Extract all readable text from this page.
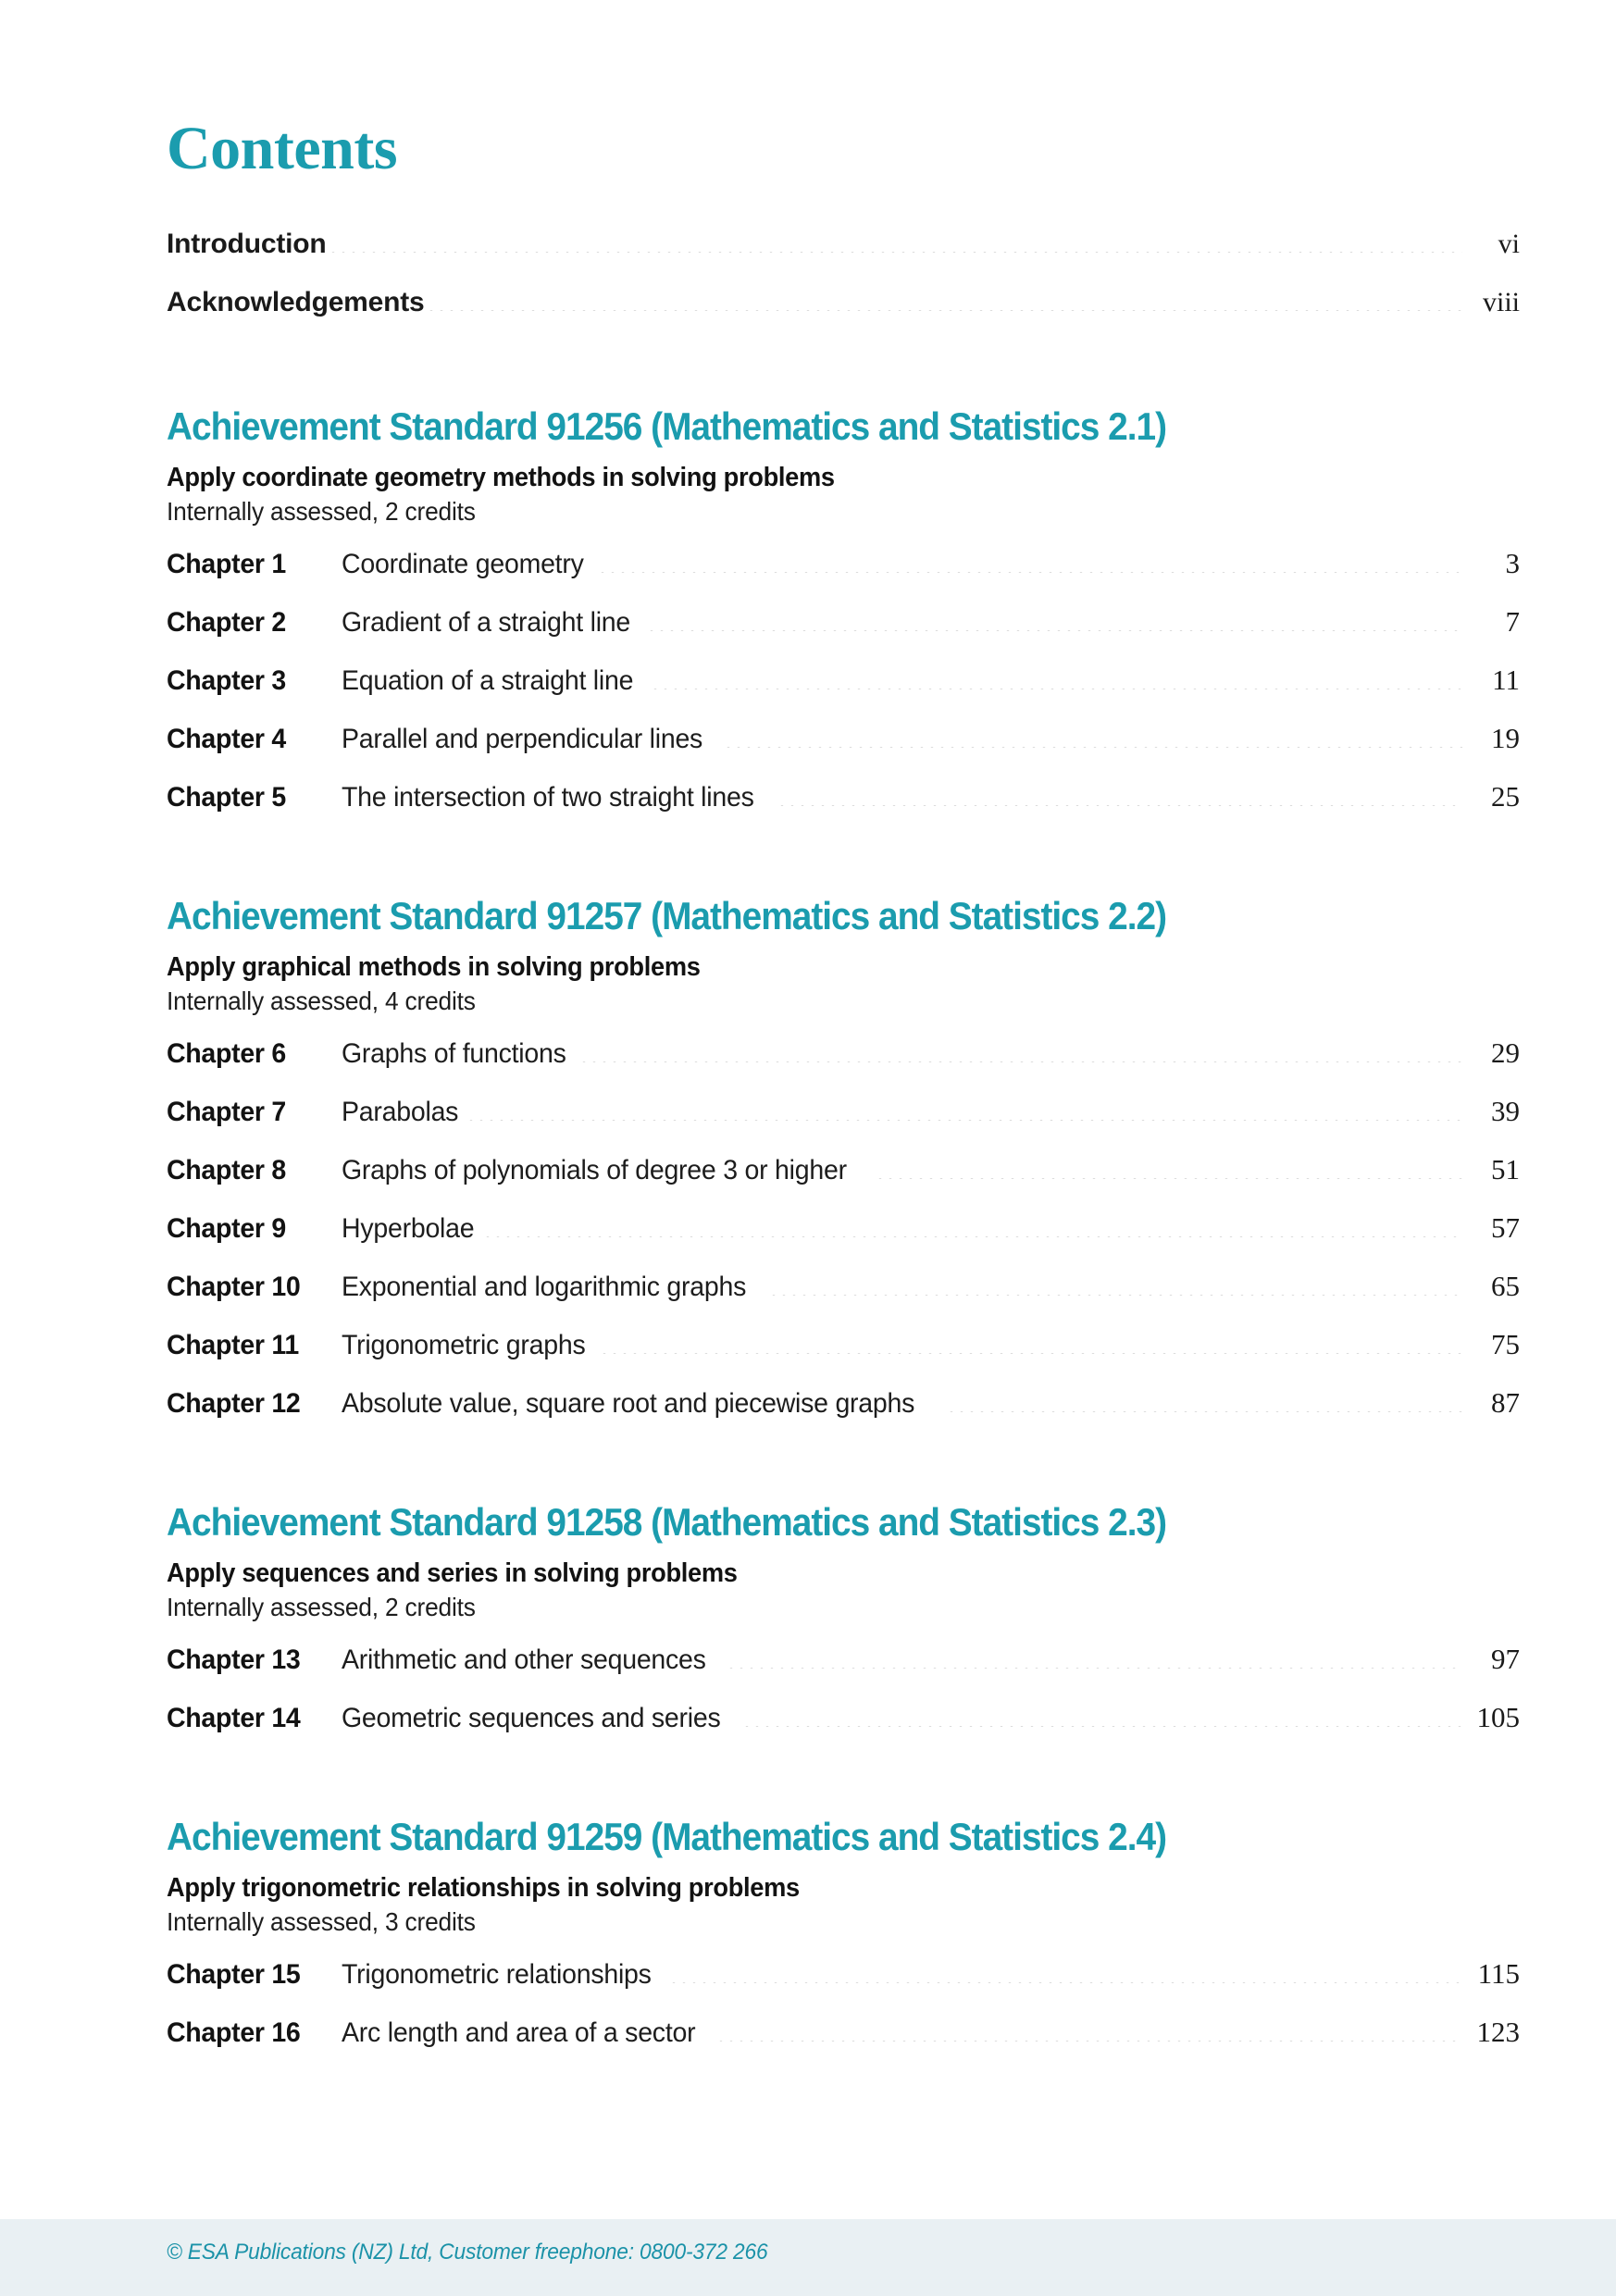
Contents
Introduction	vi
Acknowledgements	viii
Achievement Standard 91256 (Mathematics and Statistics 2.1)

Apply coordinate geometry methods in solving problems

Internally assessed, 2 credits

Chapter 1	Coordinate geometry	3
Chapter 2	Gradient of a straight line	7
Chapter 3	Equation of a straight line	11
Chapter 4	Parallel and perpendicular lines	19
Chapter 5	The intersection of two straight lines	25
Achievement Standard 91257 (Mathematics and Statistics 2.2)

Apply graphical methods in solving problems

Internally assessed, 4 credits

Chapter 6	Graphs of functions	29
Chapter 7	Parabolas	39
Chapter 8	Graphs of polynomials of degree 3 or higher	51
Chapter 9	Hyperbolae	57
Chapter 10	Exponential and logarithmic graphs	65
Chapter 11	Trigonometric graphs	75
Chapter 12	Absolute value, square root and piecewise graphs	87
Achievement Standard 91258 (Mathematics and Statistics 2.3)

Apply sequences and series in solving problems

Internally assessed, 2 credits

Chapter 13	Arithmetic and other sequences	97
Chapter 14	Geometric sequences and series	105
Achievement Standard 91259 (Mathematics and Statistics 2.4)

Apply trigonometric relationships in solving problems

Internally assessed, 3 credits

Chapter 15	Trigonometric relationships	115
Chapter 16	Arc length and area of a sector	123
© ESA Publications (NZ) Ltd, Customer freephone: 0800-372 266
